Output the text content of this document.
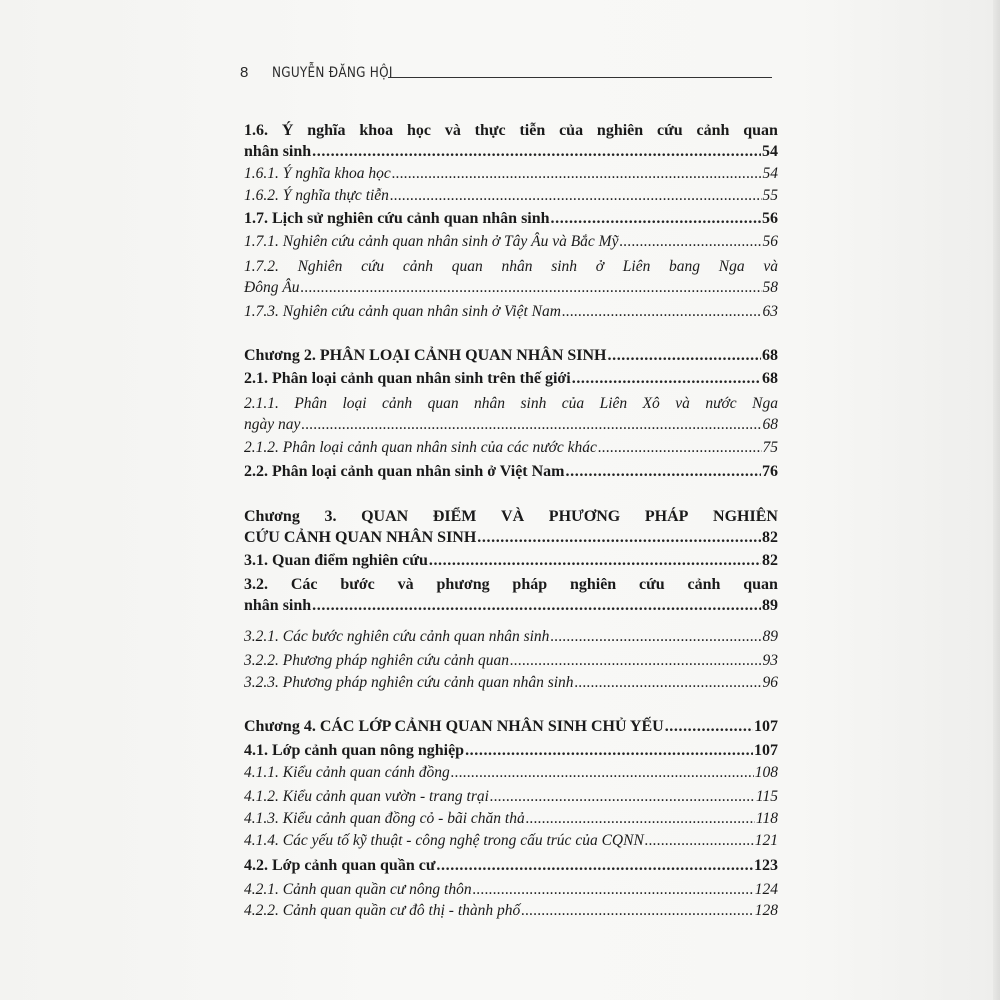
8 NGUYỄN ĐĂNG HỘI
1.6. Ý nghĩa khoa học và thực tiễn của nghiên cứu cảnh quan
nhân sinh .....	54
1.6.1. Ý nghĩa khoa học .....	54
1.6.2. Ý nghĩa thực tiễn .....	55
1.7. Lịch sử nghiên cứu cảnh quan nhân sinh .....	56
1.7.1. Nghiên cứu cảnh quan nhân sinh ở Tây Âu và Bắc Mỹ .....	56
1.7.2. Nghiên cứu cảnh quan nhân sinh ở Liên bang Nga và
Đông Âu .....	58
1.7.3. Nghiên cứu cảnh quan nhân sinh ở Việt Nam .....	63
Chương 2. PHÂN LOẠI CẢNH QUAN NHÂN SINH .....	68
2.1. Phân loại cảnh quan nhân sinh trên thế giới .....	68
2.1.1. Phân loại cảnh quan nhân sinh của Liên Xô và nước Nga
ngày nay .....	68
2.1.2. Phân loại cảnh quan nhân sinh của các nước khác .....	75
2.2. Phân loại cảnh quan nhân sinh ở Việt Nam .....	76
Chương 3. QUAN ĐIỂM VÀ PHƯƠNG PHÁP NGHIÊN
CỨU CẢNH QUAN NHÂN SINH .....	82
3.1. Quan điểm nghiên cứu .....	82
3.2. Các bước và phương pháp nghiên cứu cảnh quan
nhân sinh .....	89
3.2.1. Các bước nghiên cứu cảnh quan nhân sinh .....	89
3.2.2. Phương pháp nghiên cứu cảnh quan .....	93
3.2.3. Phương pháp nghiên cứu cảnh quan nhân sinh .....	96
Chương 4. CÁC LỚP CẢNH QUAN NHÂN SINH CHỦ YẾU .....	107
4.1. Lớp cảnh quan nông nghiệp .....	107
4.1.1. Kiểu cảnh quan cánh đồng .....	108
4.1.2. Kiểu cảnh quan vườn - trang trại .....	115
4.1.3. Kiểu cảnh quan đồng cỏ - bãi chăn thả .....	118
4.1.4. Các yếu tố kỹ thuật - công nghệ trong cấu trúc của CQNN .....	121
4.2. Lớp cảnh quan quần cư .....	123
4.2.1. Cảnh quan quần cư nông thôn .....	124
4.2.2. Cảnh quan quần cư đô thị - thành phố .....	128
